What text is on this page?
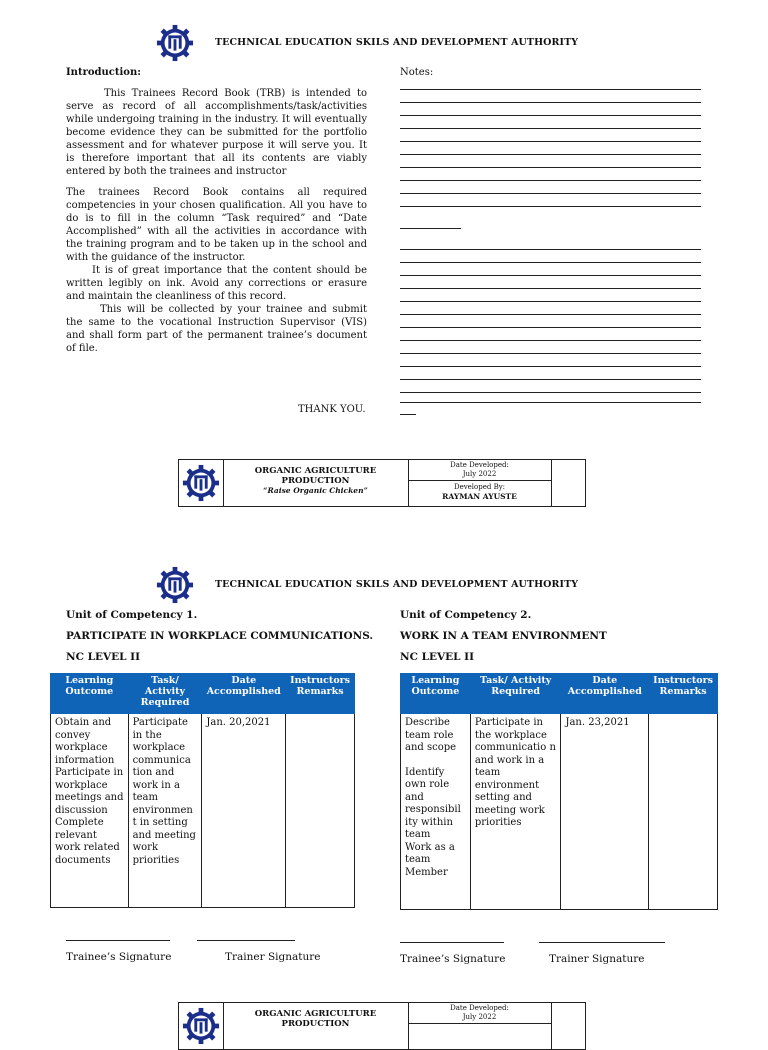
TECHNICAL EDUCATION SKILS AND DEVELOPMENT AUTHORITY
Introduction:

This Trainees Record Book (TRB) is intended to serve as record of all accomplishments/task/activities while undergoing training in the industry. It will eventually become evidence they can be submitted for the portfolio assessment and for whatever purpose it will serve you. It is therefore important that all its contents are viably entered by both the trainees and instructor

The trainees Record Book contains all required competencies in your chosen qualification. All you have to do is to fill in the column “Task required” and “Date Accomplished” with all the activities in accordance with the training program and to be taken up in the school and with the guidance of the instructor.

It is of great importance that the content should be written legibly on ink. Avoid any corrections or erasure and maintain the cleanliness of this record.

This will be collected by your trainee and submit the same to the vocational Instruction Supervisor (VIS) and shall form part of the permanent trainee’s document of file.

THANK YOU.
Notes:
ORGANIC AGRICULTURE
PRODUCTION
“Raise Organic Chicken”
Date Developed:
July 2022
Developed By:
RAYMAN AYUSTE
TECHNICAL EDUCATION SKILS AND DEVELOPMENT AUTHORITY
Unit of Competency 1.
PARTICIPATE IN WORKPLACE COMMUNICATIONS.
NC LEVEL II
Learning Outcome	Task/ Activity Required	Date Accomplished	Instructors Remarks
Obtain and convey workplace information Participate in workplace meetings and discussion Complete relevant work related documents	Participate in the workplace communica tion and work in a team environmen t in setting and meeting work priorities	Jan. 20,2021	
Unit of Competency 2.
WORK IN A TEAM ENVIRONMENT
NC LEVEL II
Learning Outcome	Task/ Activity Required	Date Accomplished	Instructors Remarks

Describe team role and scope
Identify own role and responsibil ity within team
Work as a team Member	Participate in the workplace communicatio n and work in a team environment setting and meeting work priorities	Jan. 23,2021	
Trainee’s Signature	Trainer Signature	Trainee’s Signature	Trainer Signature
ORGANIC AGRICULTURE
PRODUCTION
Date Developed:
July 2022
